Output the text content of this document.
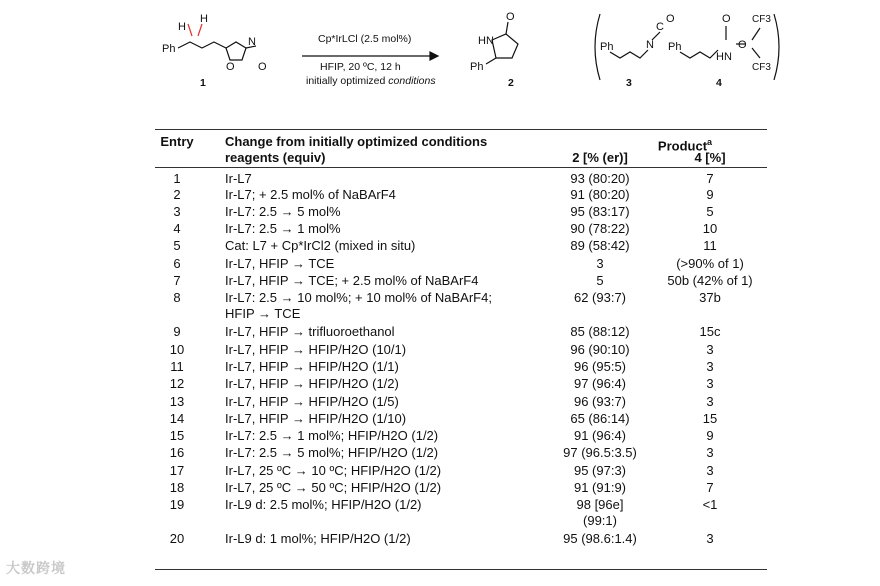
H
H
Ph
N
O O
Cp*IrLCl (2.5 mol%)
HFIP, 20 ºC, 12 h
initially optimized conditions
1
O
HN
Ph
2
Ph	N
C
O
3
Ph
HN
O
O
CF3
CF3
4
Entry	Change from initially optimized conditions	Product$^a$
reagents (equiv)	2 [% (er)]	4 [%]
1	Ir-L7	93 (80:20)	7
2	Ir-L7; + 2.5 mol% of NaBArF4	91 (80:20)	9
3	Ir-L7: 2.5 → 5 mol%	95 (83:17)	5
4	Ir-L7: 2.5 → 1 mol%	90 (78:22)	10
5	Cat: L7 + Cp*IrCl2 (mixed in situ)	89 (58:42)	11
6	Ir-L7, HFIP → TCE	3	(>90% of 1)
7	Ir-L7, HFIP → TCE; + 2.5 mol% of NaBArF4	5	50b (42% of 1)
8	Ir-L7: 2.5 → 10 mol%; + 10 mol% of NaBArF4;	62 (93:7)	37b
HFIP → TCE
9	Ir-L7, HFIP → trifluoroethanol	85 (88:12)	15c
10	Ir-L7, HFIP → HFIP/H2O (10/1)	96 (90:10)	3
11	Ir-L7, HFIP → HFIP/H2O (1/1)	96 (95:5)	3
12	Ir-L7, HFIP → HFIP/H2O (1/2)	97 (96:4)	3
13	Ir-L7, HFIP → HFIP/H2O (1/5)	96 (93:7)	3
14	Ir-L7, HFIP → HFIP/H2O (1/10)	65 (86:14)	15
15	Ir-L7: 2.5 → 1 mol%; HFIP/H2O (1/2)	91 (96:4)	9
16	Ir-L7: 2.5 → 5 mol%; HFIP/H2O (1/2)	97 (96.5:3.5)	3
17	Ir-L7, 25 ºC → 10 ºC; HFIP/H2O (1/2)	95 (97:3)	3
18	Ir-L7, 25 ºC → 50 ºC; HFIP/H2O (1/2)	91 (91:9)	7
19	Ir-L9 d: 2.5 mol%; HFIP/H2O (1/2)	98 [96e]	<1
(99:1)
20	Ir-L9 d: 1 mol%; HFIP/H2O (1/2)	95 (98.6:1.4)	3
大数跨境
